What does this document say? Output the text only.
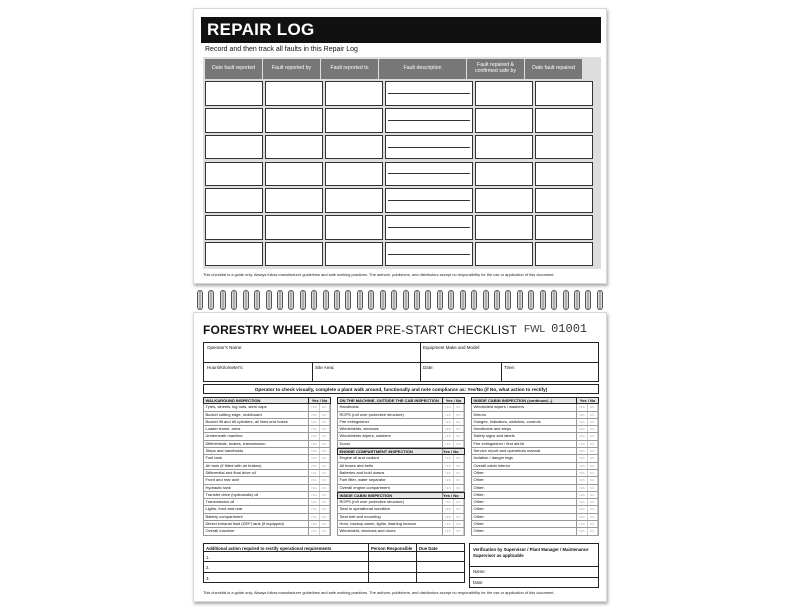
REPAIR LOG
Record and then track all faults in this Repair Log
Date fault reported	Fault reported by	Fault reported to	Fault description	Fault repaired & confirmed safe by	Date fault repaired
This checklist is a guide only. Always follow manufacturer guidelines and safe working practices. The authors, publishers, and distributors accept no responsibility for the use or application of this document.
FORESTRY WHEEL LOADER PRE-START CHECKLIST FWL 01001
Operator's Name:	Equipment Make and Model:
Hours/Kilometer's:	Site Area:	Date:	Time:
Operator to check visually, complete a plant walk around, functionally and note compliance as: Yes/No (if No, what action to rectify)
WALKAROUND INSPECTION	Yes / No
Tyres, wheels, lug nuts, stem caps	YES	NO
Bucket cutting edge, moldboard	YES	NO
Bucket lift and tilt cylinders, all lines and hoses	YES	NO
Loader frame, arms	YES	NO
Underneath machine	YES	NO
Differentials, brakes, transmission	YES	NO
Steps and handholds	YES	NO
Fuel tank	YES	NO
Air tank (if fitted with air brakes)	YES	NO
Differential and final drive oil	YES	NO
Front and rear axle	YES	NO
Hydraulic tank	YES	NO
Transfer drive (hydrostatic) oil	YES	NO
Transmission oil	YES	NO
Lights, front and rear	YES	NO
Battery compartment	YES	NO
Diesel exhaust fluid (DEF) tank (if equipped)	YES	NO
Overall machine	YES	NO
ON THE MACHINE, OUTSIDE THE CAB INSPECTION	Yes / No
Handholds	YES	NO
ROPS (roll over protective structure)	YES	NO
Fire extinguisher	YES	NO
Windshields, windows	YES	NO
Windshields wipers, washers	YES	NO
Doors	YES	NO
ENGINE COMPARTMENT INSPECTION	Yes / No
Engine oil and coolant	YES	NO
All hoses and belts	YES	NO
Batteries and hold downs	YES	NO
Fuel filter, water separator	YES	NO
Overall engine compartment	YES	NO
INSIDE CABIN INSPECTION	Yes / No
ROPS (roll over protective structure)	YES	NO
Seat in operational condition	YES	NO
Seat belt and mounting	YES	NO
Horn, backup alarm, lights, flashing beacon	YES	NO
Windshield, windows and doors	YES	NO
INSIDE CABIN INSPECTION (continued...)	Yes / No
Windshield wipers / washers	YES	NO
Mirrors	YES	NO
Gauges, indicators, switches, controls	YES	NO
Handholds and steps	YES	NO
Safety signs and labels	YES	NO
Fire extinguisher / first aid kit	YES	NO
Service report and operations manual	YES	NO
Isolation / danger tags	YES	NO
Overall cabin interior	YES	NO
Other:	YES	NO
Other:	YES	NO
Other:	YES	NO
Other:	YES	NO
Other:	YES	NO
Other:	YES	NO
Other:	YES	NO
Other:	YES	NO
Other:	YES	NO
Additional action required to rectify operational requirements	Person Responsible	Due Date
1.
2.
3.
Verification by Supervisor / Plant Manager / Maintenance Supervisor as applicable
Name:
Date:
This checklist is a guide only. Always follow manufacturer guidelines and safe working practices. The authors, publishers, and distributors accept no responsibility for the use or application of this document.
